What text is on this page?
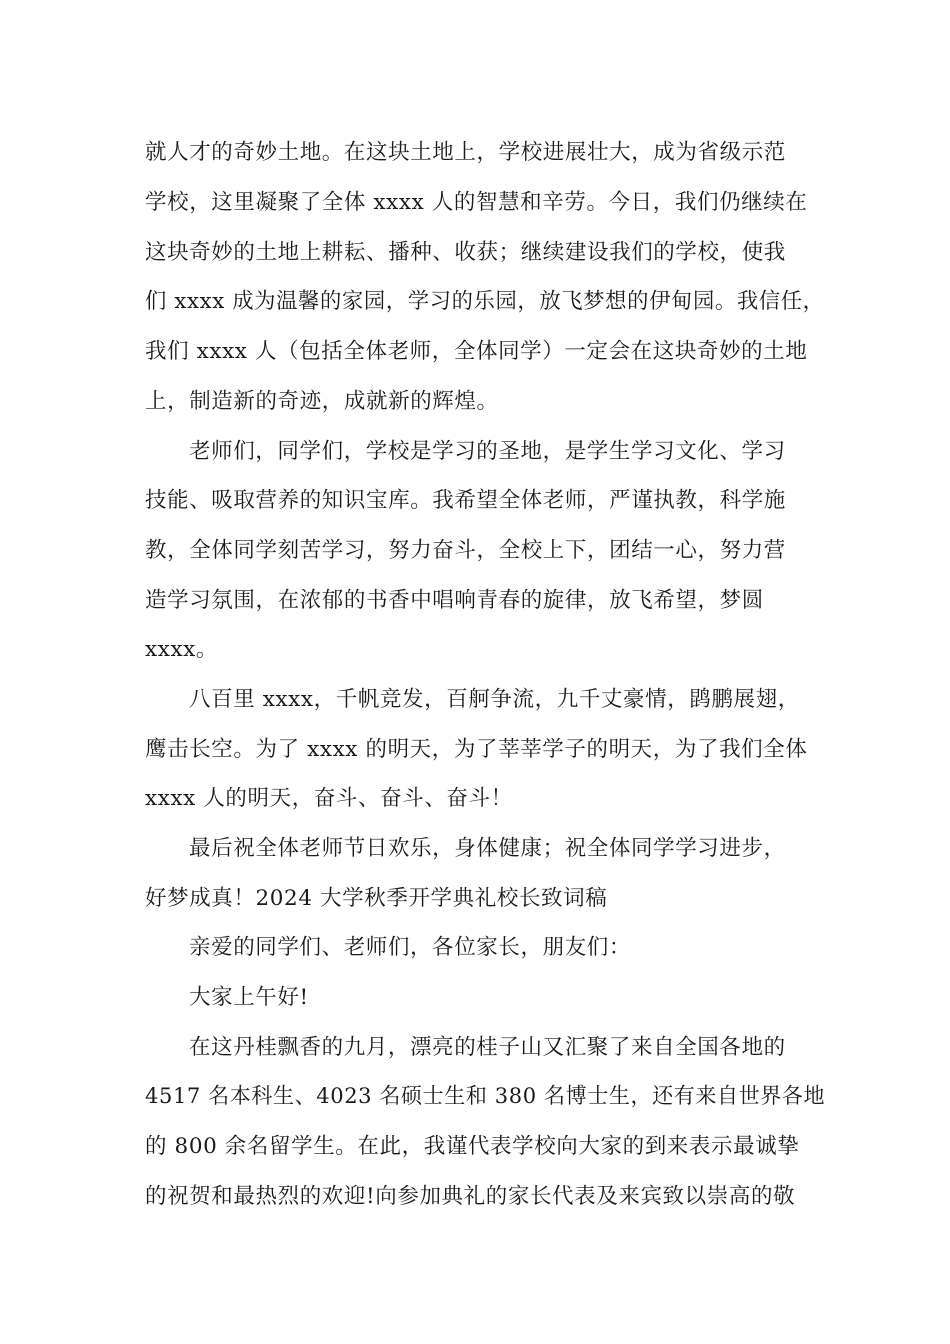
就人才的奇妙土地。在这块土地上，学校进展壮大，成为省级示范
学校，这里凝聚了全体 xxxx 人的智慧和辛劳。今日，我们仍继续在
这块奇妙的土地上耕耘、播种、收获；继续建设我们的学校，使我
们 xxxx 成为温馨的家园，学习的乐园，放飞梦想的伊甸园。我信任，
我们 xxxx 人（包括全体老师，全体同学）一定会在这块奇妙的土地
上，制造新的奇迹，成就新的辉煌。
老师们，同学们，学校是学习的圣地，是学生学习文化、学习
技能、吸取营养的知识宝库。我希望全体老师，严谨执教，科学施
教，全体同学刻苦学习，努力奋斗，全校上下，团结一心，努力营
造学习氛围，在浓郁的书香中唱响青春的旋律，放飞希望，梦圆
xxxx。
八百里 xxxx，千帆竞发，百舸争流，九千丈豪情，鹍鹏展翅，
鹰击长空。为了 xxxx 的明天，为了莘莘学子的明天，为了我们全体
xxxx 人的明天，奋斗、奋斗、奋斗！
最后祝全体老师节日欢乐，身体健康；祝全体同学学习进步，
好梦成真！2024 大学秋季开学典礼校长致词稿
亲爱的同学们、老师们，各位家长，朋友们：
大家上午好!
在这丹桂飘香的九月，漂亮的桂子山又汇聚了来自全国各地的
4517 名本科生、4023 名硕士生和 380 名博士生，还有来自世界各地
的 800 余名留学生。在此，我谨代表学校向大家的到来表示最诚挚
的祝贺和最热烈的欢迎!向参加典礼的家长代表及来宾致以崇高的敬
